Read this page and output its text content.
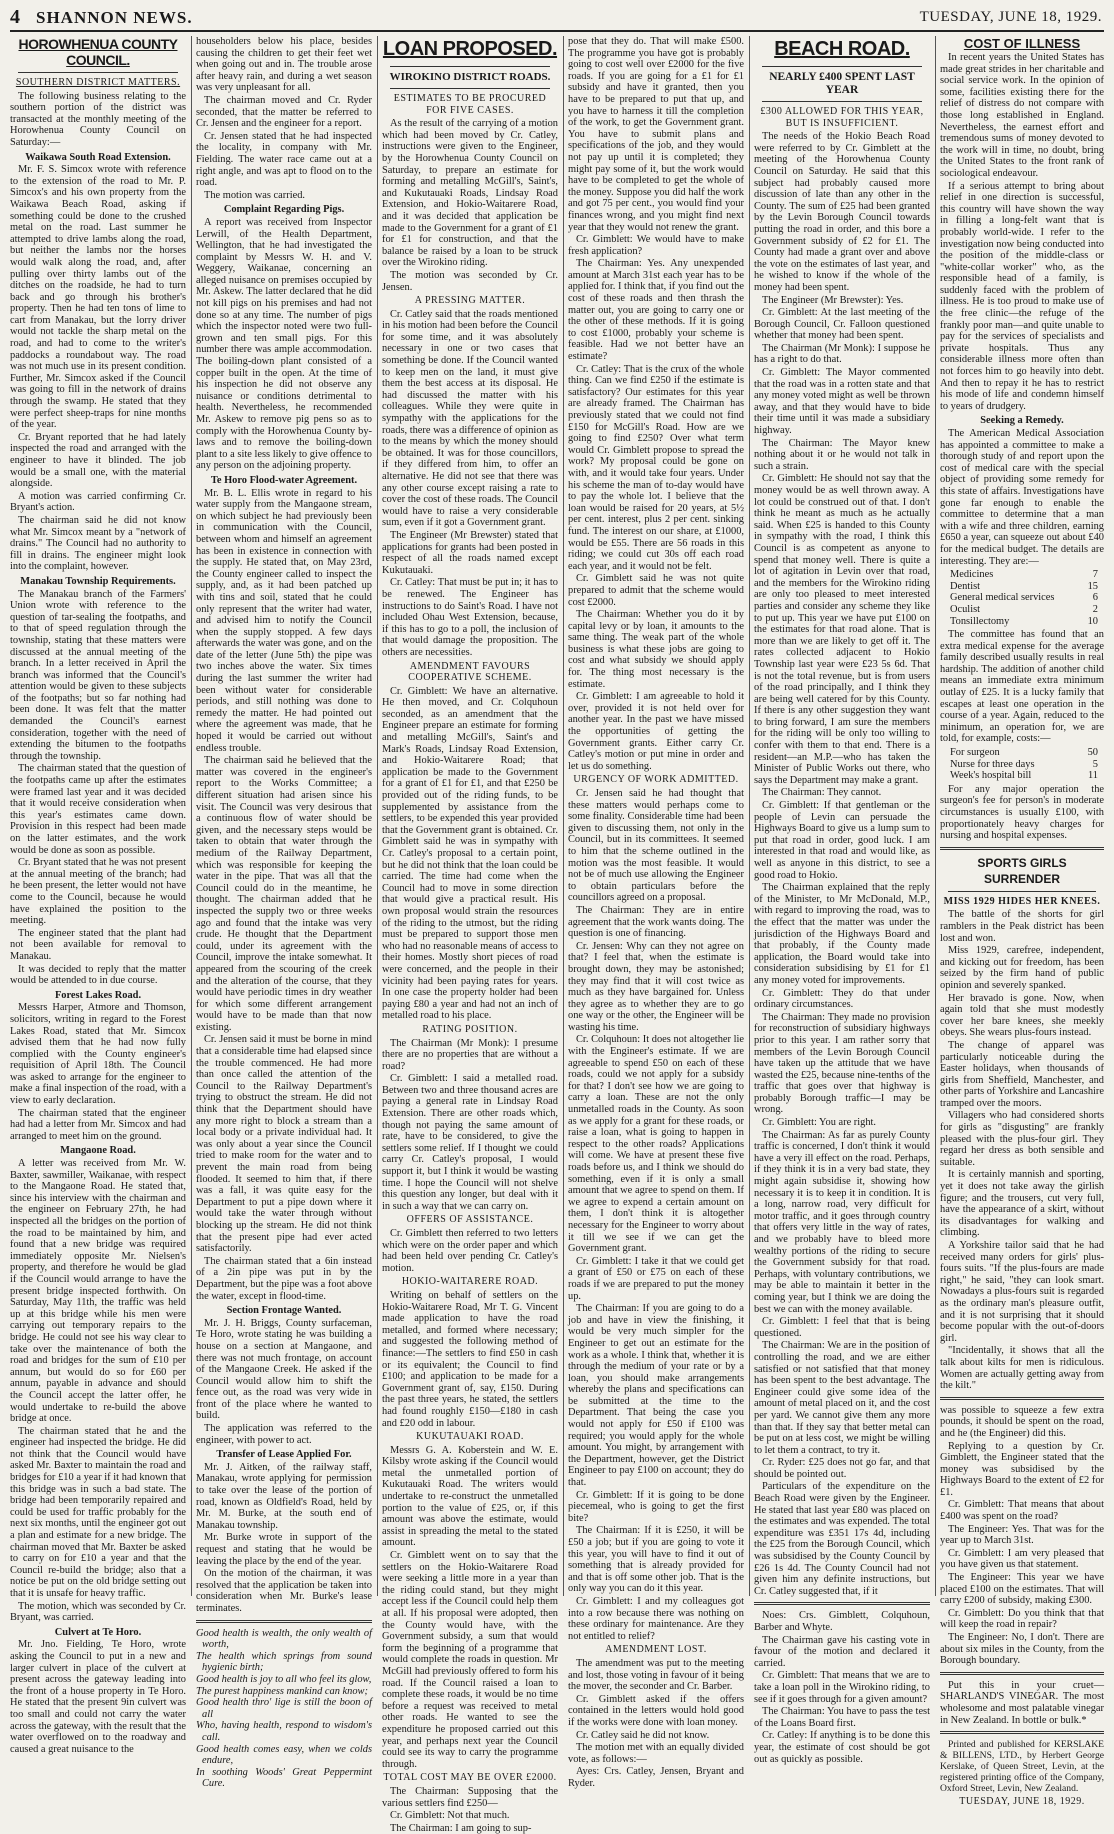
4 SHANNON NEWS.	TUESDAY, JUNE 18, 1929.
HOROWHENUA COUNTY COUNCIL.
SOUTHERN DISTRICT MATTERS.

The following business relating to the southern portion of the district was transacted at the monthly meeting of the Horowhenua County Council on Saturday:—

Waikawa South Road Extension.

Mr. F. S. Simcox wrote with reference to the extension of the road to Mr. P. Simcox's and his own property from the Waikawa Beach Road, asking if something could be done to the crushed metal on the road. Last summer he attempted to drive lambs along the road, but neither the lambs nor the horses would walk along the road, and, after pulling over thirty lambs out of the ditches on the roadside, he had to turn back and go through his brother's property. Then he had ten tons of lime to cart from Manakau, but the lorry driver would not tackle the sharp metal on the road, and had to come to the writer's paddocks a roundabout way. The road was not much use in its present condition. Further, Mr. Simcox asked if the Council was going to fill in the network of drains through the swamp. He stated that they were perfect sheep-traps for nine months of the year.

Cr. Bryant reported that he had lately inspected the road and arranged with the engineer to have it blinded. The job would be a small one, with the material alongside.

A motion was carried confirming Cr. Bryant's action.

The chairman said he did not know what Mr. Simcox meant by a "network of drains." The Council had no authority to fill in drains. The engineer might look into the complaint, however.

Manakau Township Requirements.

The Manakau branch of the Farmers' Union wrote with reference to the question of tar-sealing the footpaths, and to that of speed regulation through the township, stating that these matters were discussed at the annual meeting of the branch. In a letter received in April the branch was informed that the Council's attention would be given to these subjects of the footpaths; but so far nothing had been done. It was felt that the matter demanded the Council's earnest consideration, together with the need of extending the bitumen to the footpaths through the township.

The chairman stated that the question of the footpaths came up after the estimates were framed last year and it was decided that it would receive consideration when this year's estimates came down. Provision in this respect had been made on the latter estimates, and the work would be done as soon as possible.

Cr. Bryant stated that he was not present at the annual meeting of the branch; had he been present, the letter would not have come to the Council, because he would have explained the position to the meeting.

The engineer stated that the plant had not been available for removal to Manakau.

It was decided to reply that the matter would be attended to in due course.

Forest Lakes Road.

Messrs Harper, Atmore and Thomson, solicitors, writing in regard to the Forest Lakes Road, stated that Mr. Simcox advised them that he had now fully complied with the County engineer's requisition of April 18th. The Council was asked to arrange for the engineer to make a final inspection of the road, with a view to early declaration.

The chairman stated that the engineer had had a letter from Mr. Simcox and had arranged to meet him on the ground.

Mangaone Road.

A letter was received from Mr. W. Baxter, sawmiller, Waikanae, with respect to the Mangaone Road. He stated that, since his interview with the chairman and the engineer on February 27th, he had inspected all the bridges on the portion of the road to be maintained by him, and found that a new bridge was required immediately opposite Mr. Nielsen's property, and therefore he would be glad if the Council would arrange to have the present bridge inspected forthwith. On Saturday, May 11th, the traffic was held up at this bridge while his men were carrying out temporary repairs to the bridge. He could not see his way clear to take over the maintenance of both the road and bridges for the sum of £10 per annum, but would do so for £60 per annum, payable in advance and should the Council accept the latter offer, he would undertake to re-build the above bridge at once.

The chairman stated that he and the engineer had inspected the bridge. He did not think that the Council would have asked Mr. Baxter to maintain the road and bridges for £10 a year if it had known that this bridge was in such a bad state. The bridge had been temporarily repaired and could be used for traffic probably for the next six months, until the engineer got out a plan and estimate for a new bridge. The chairman moved that Mr. Baxter be asked to carry on for £10 a year and that the Council re-build the bridge; also that a notice be put on the old bridge setting out that it is unsafe for heavy traffic.

The motion, which was seconded by Cr. Bryant, was carried.

Culvert at Te Horo.

Mr. Jno. Fielding, Te Horo, wrote asking the Council to put in a new and larger culvert in place of the culvert at present across the gateway leading into the front of a house property in Te Horo. He stated that the present 9in culvert was too small and could not carry the water across the gateway, with the result that the water overflowed on to the roadway and caused a great nuisance to the

householders below his place, besides causing the children to get their feet wet when going out and in. The trouble arose after heavy rain, and during a wet season was very unpleasant for all.

The chairman moved and Cr. Ryder seconded, that the matter be referred to Cr. Jensen and the engineer for a report.

Cr. Jensen stated that he had inspected the locality, in company with Mr. Fielding. The water race came out at a right angle, and was apt to flood on to the road.

The motion was carried.

Complaint Regarding Pigs.

A report was received from Inspector Lerwill, of the Health Department, Wellington, that he had investigated the complaint by Messrs W. H. and V. Weggery, Waikanae, concerning an alleged nuisance on premises occupied by Mr. Askew. The latter declared that he did not kill pigs on his premises and had not done so at any time. The number of pigs which the inspector noted were two full-grown and ten small pigs. For this number there was ample accommodation. The boiling-down plant consisted of a copper built in the open. At the time of his inspection he did not observe any nuisance or conditions detrimental to health. Nevertheless, he recommended Mr. Askew to remove pig pens so as to comply with the Horowhenua County by-laws and to remove the boiling-down plant to a site less likely to give offence to any person on the adjoining property.

Te Horo Flood-water Agreement.

Mr. B. L. Ellis wrote in regard to his water supply from the Mangaone stream, on which subject he had previously been in communication with the Council, between whom and himself an agreement has been in existence in connection with the supply. He stated that, on May 23rd, the County engineer called to inspect the supply, and, as it had been patched up with tins and soil, stated that he could only represent that the writer had water, and advised him to notify the Council when the supply stopped. A few days afterwards the water was gone, and on the date of the letter (June 5th) the pipe was two inches above the water. Six times during the last summer the writer had been without water for considerable periods, and still nothing was done to remedy the matter. He had pointed out where the agreement was made, that he hoped it would be carried out without endless trouble.

The chairman said he believed that the matter was covered in the engineer's report to the Works Committee; a different situation had arisen since his visit. The Council was very desirous that a continuous flow of water should be given, and the necessary steps would be taken to obtain that water through the medium of the Railway Department, which was responsible for keeping the water in the pipe. That was all that the Council could do in the meantime, he thought. The chairman added that he inspected the supply two or three weeks ago and found that the intake was very crude. He thought that the Department could, under its agreement with the Council, improve the intake somewhat. It appeared from the scouring of the creek and the alteration of the course, that they would have periodic times in dry weather for which some different arrangement would have to be made than that now existing.

Cr. Jensen said it must be borne in mind that a considerable time had elapsed since the trouble commenced. He had more than once called the attention of the Council to the Railway Department's trying to obstruct the stream. He did not think that the Department should have any more right to block a stream than a local body or a private individual had. It was only about a year since the Council tried to make room for the water and to prevent the main road from being flooded. It seemed to him that, if there was a fall, it was quite easy for the Department to put a pipe down where it would take the water through without blocking up the stream. He did not think that the present pipe had ever acted satisfactorily.

The chairman stated that a 6in instead of a 2in pipe was put in by the Department, but the pipe was a foot above the water, except in flood-time.

Section Frontage Wanted.

Mr. J. H. Briggs, County surfaceman, Te Horo, wrote stating he was building a house on a section at Mangaone, and there was not much frontage, on account of the Mangaone Creek. He asked if the Council would allow him to shift the fence out, as the road was very wide in front of the place where he wanted to build.

The application was referred to the engineer, with power to act.

Transfer of Lease Applied For.

Mr. J. Aitken, of the railway staff, Manakau, wrote applying for permission to take over the lease of the portion of road, known as Oldfield's Road, held by Mr. M. Burke, at the south end of Manakau township.

Mr. Burke wrote in support of the request and stating that he would be leaving the place by the end of the year.

On the motion of the chairman, it was resolved that the application be taken into consideration when Mr. Burke's lease terminates.

Good health is wealth, the only wealth of worth,
The health which springs from sound hygienic birth;
Good health is joy to all who feel its glow,
The purest happiness mankind can know;
Good health thro' lige is still the boon of all
Who, having health, respond to wisdom's call.
Good health comes easy, when we colds endure,
In soothing Woods' Great Peppermint Cure.
LOAN PROPOSED.
WIROKINO DISTRICT ROADS.
ESTIMATES TO BE PROCURED FOR FIVE CASES.

As the result of the carrying of a motion which had been moved by Cr. Catley, instructions were given to the Engineer, by the Horowhenua County Council on Saturday, to prepare an estimate for forming and metalling McGill's, Saint's, and Kukutauaki Roads, Lindsay Road Extension, and Hokio-Waitarere Road, and it was decided that application be made to the Government for a grant of £1 for £1 for construction, and that the balance be raised by a loan to be struck over the Wirokino riding.

The motion was seconded by Cr. Jensen.

A PRESSING MATTER.

Cr. Catley said that the roads mentioned in his motion had been before the Council for some time, and it was absolutely necessary in one or two cases that something be done. If the Council wanted to keep men on the land, it must give them the best access at its disposal. He had discussed the matter with his colleagues. While they were quite in sympathy with the applications for the roads, there was a difference of opinion as to the means by which the money should be obtained. It was for those councillors, if they differed from him, to offer an alternative. He did not see that there was any other course except raising a rate to cover the cost of these roads. The Council would have to raise a very considerable sum, even if it got a Government grant.

The Engineer (Mr Brewster) stated that applications for grants had been posted in respect of all the roads named except Kukutauaki.

Cr. Catley: That must be put in; it has to be renewed. The Engineer has instructions to do Saint's Road. I have not included Ohau West Extension, because, if this has to go to a poll, the inclusion of that would damage the proposition. The others are necessities.

AMENDMENT FAVOURS COOPERATIVE SCHEME.

Cr. Gimblett: We have an alternative. He then moved, and Cr. Colquhoun seconded, as an amendment that the Engineer prepare an estimate for forming and metalling McGill's, Saint's and Mark's Roads, Lindsay Road Extension, and Hokio-Waitarere Road; that application be made to the Government for a grant of £1 for £1, and that £250 be provided out of the riding funds, to be supplemented by assistance from the settlers, to be expended this year provided that the Government grant is obtained. Cr. Gimblett said he was in sympathy with Cr. Catley's proposal to a certain point, but he did not think that the loan could be carried. The time had come when the Council had to move in some direction that would give a practical result. His own proposal would strain the resources of the riding to the utmost, but the riding must be prepared to support those men who had no reasonable means of access to their homes. Mostly short pieces of road were concerned, and the people in their vicinity had been paying rates for years. In one case the property holder had been paying £80 a year and had not an inch of metalled road to his place.

RATING POSITION.

The Chairman (Mr Monk): I presume there are no properties that are without a road?

Cr. Gimblett: I said a metalled road. Between two and three thousand acres are paying a general rate in Lindsay Road Extension. There are other roads which, though not paying the same amount of rate, have to be considered, to give the settlers some relief. If I thought we could carry Cr. Catley's proposal, I would support it, but I think it would be wasting time. I hope the Council will not shelve this question any longer, but deal with it in such a way that we can carry on.

OFFERS OF ASSISTANCE.

Cr. Gimblett then referred to two letters which were on the order paper and which had been held over pending Cr. Catley's motion.

HOKIO-WAITARERE ROAD.

Writing on behalf of settlers on the Hokio-Waitarere Road, Mr T. G. Vincent made application to have the road metalled, and formed where necessary; and suggested the following method of finance:—The settlers to find £50 in cash or its equivalent; the Council to find £100; and application to be made for a Government grant of, say, £150. During the past three years, he stated, the settlers had found roughly £150—£180 in cash and £20 odd in labour.

KUKUTAUAKI ROAD.

Messrs G. A. Koberstein and W. E. Kilsby wrote asking if the Council would metal the unmetalled portion of Kukutauaki Road. The writers would undertake to re-construct the unmetalled portion to the value of £25, or, if this amount was above the estimate, would assist in spreading the metal to the stated amount.

Cr. Gimblett went on to say that the settlers on the Hokio-Waitarere Road were seeking a little more in a year than the riding could stand, but they might accept less if the Council could help them at all. If his proposal were adopted, then the County would have, with the Government subsidy, a sum that would form the beginning of a programme that would complete the roads in question. Mr McGill had previously offered to form his road. If the Council raised a loan to complete these roads, it would be no time before a request was received to metal other roads. He wanted to see the expenditure he proposed carried out this year, and perhaps next year the Council could see its way to carry the programme through.

TOTAL COST MAY BE OVER £2000.

The Chairman: Supposing that the various settlers find £250—

Cr. Gimblett: Not that much.

The Chairman: I am going to sup-

pose that they do. That will make £500. The programme you have got is probably going to cost well over £2000 for the five roads. If you are going for a £1 for £1 subsidy and have it granted, then you have to be prepared to put that up, and you have to harness it till the completion of the work, to get the Government grant. You have to submit plans and specifications of the job, and they would not pay up until it is completed; they might pay some of it, but the work would have to be completed to get the whole of the money. Suppose you did half the work and got 75 per cent., you would find your finances wrong, and you might find next year that they would not renew the grant.

Cr. Gimblett: We would have to make fresh application?

The Chairman: Yes. Any unexpended amount at March 31st each year has to be applied for. I think that, if you find out the cost of these roads and then thrash the matter out, you are going to carry one or the other of these methods. If it is going to cost £1000, probably your scheme is feasible. Had we not better have an estimate?

Cr. Catley: That is the crux of the whole thing. Can we find £250 if the estimate is satisfactory? Our estimates for this year are already framed. The Chairman has previously stated that we could not find £150 for McGill's Road. How are we going to find £250? Over what term would Cr. Gimblett propose to spread the work? My proposal could be gone on with, and it would take four years. Under his scheme the man of to-day would have to pay the whole lot. I believe that the loan would be raised for 20 years, at 5½ per cent. interest, plus 2 per cent. sinking fund. The interest on our share, at £1000, would be £55. There are 56 roads in this riding; we could cut 30s off each road each year, and it would not be felt.

Cr. Gimblett said he was not quite prepared to admit that the scheme would cost £2000.

The Chairman: Whether you do it by capital levy or by loan, it amounts to the same thing. The weak part of the whole business is what these jobs are going to cost and what subsidy we should apply for. The thing most necessary is the estimate.

Cr. Gimblett: I am agreeable to hold it over, provided it is not held over for another year. In the past we have missed the opportunities of getting the Government grants. Either carry Cr. Catley's motion or put mine in order and let us do something.

URGENCY OF WORK ADMITTED.

Cr. Jensen said he had thought that these matters would perhaps come to some finality. Considerable time had been given to discussing them, not only in the Council, but in its committees. It seemed to him that the scheme outlined in the motion was the most feasible. It would not be of much use allowing the Engineer to obtain particulars before the councillors agreed on a proposal.

The Chairman: They are in entire agreement that the work wants doing. The question is one of financing.

Cr. Jensen: Why can they not agree on that? I feel that, when the estimate is brought down, they may be astonished; they may find that it will cost twice as much as they have bargained for. Unless they agree as to whether they are to go one way or the other, the Engineer will be wasting his time.

Cr. Colquhoun: It does not altogether lie with the Engineer's estimate. If we are agreeable to spend £50 on each of these roads, could we not apply for a subsidy for that? I don't see how we are going to carry a loan. These are not the only unmetalled roads in the County. As soon as we apply for a grant for these roads, or raise a loan, what is going to happen in respect to the other roads? Applications will come. We have at present these five roads before us, and I think we should do something, even if it is only a small amount that we agree to spend on them. If we agree to expend a certain amount on them, I don't think it is altogether necessary for the Engineer to worry about it till we see if we can get the Government grant.

Cr. Gimblett: I take it that we could get a grant of £50 or £75 on each of these roads if we are prepared to put the money up.

The Chairman: If you are going to do a job and have in view the finishing, it would be very much simpler for the Engineer to get out an estimate for the work as a whole. I think that, whether it is through the medium of your rate or by a loan, you should make arrangements whereby the plans and specifications can be submitted at the time to the Department. That being the case you would not apply for £50 if £100 was required; you would apply for the whole amount. You might, by arrangement with the Department, however, get the District Engineer to pay £100 on account; they do that.

Cr. Gimblett: If it is going to be done piecemeal, who is going to get the first bite?

The Chairman: If it is £250, it will be £50 a job; but if you are going to vote it this year, you will have to find it out of something that is already provided for and that is off some other job. That is the only way you can do it this year.

Cr. Gimblett: I and my colleagues got into a row because there was nothing on these ordinary for maintenance. Are they not entitled to relief?

AMENDMENT LOST.

The amendment was put to the meeting and lost, those voting in favour of it being the mover, the seconder and Cr. Barber.

Cr. Gimblett asked if the offers contained in the letters would hold good if the works were done with loan money.

Cr. Catley said he did not know.

The motion met with an equally divided vote, as follows:—

Ayes: Crs. Catley, Jensen, Bryant and Ryder.

BEACH ROAD.
NEARLY £400 SPENT LAST YEAR
£300 ALLOWED FOR THIS YEAR, BUT IS INSUFFICIENT.

The needs of the Hokio Beach Road were referred to by Cr. Gimblett at the meeting of the Horowhenua County Council on Saturday. He said that this subject had probably caused more discussion of late than any other in the County. The sum of £25 had been granted by the Levin Borough Council towards putting the road in order, and this bore a Government subsidy of £2 for £1. The County had made a grant over and above the vote on the estimates of last year, and he wished to know if the whole of the money had been spent.

The Engineer (Mr Brewster): Yes.

Cr. Gimblett: At the last meeting of the Borough Council, Cr. Falloon questioned whether that money had been spent.

The Chairman (Mr Monk): I suppose he has a right to do that.

Cr. Gimblett: The Mayor commented that the road was in a rotten state and that any money voted might as well be thrown away, and that they would have to bide their time until it was made a subsidiary highway.

The Chairman: The Mayor knew nothing about it or he would not talk in such a strain.

Cr. Gimblett: He should not say that the money would be as well thrown away. A lot could be construed out of that. I don't think he meant as much as he actually said. When £25 is handed to this County in sympathy with the road, I think this Council is as competent as anyone to spend that money well. There is quite a lot of agitation in Levin over that road, and the members for the Wirokino riding are only too pleased to meet interested parties and consider any scheme they like to put up. This year we have put £100 on the estimates for that road alone. That is more than we are likely to get off it. The rates collected adjacent to Hokio Township last year were £23 5s 6d. That is not the total revenue, but is from users of the road principally, and I think they are being well catered for by this County. If there is any other suggestion they want to bring forward, I am sure the members for the riding will be only too willing to confer with them to that end. There is a resident—an M.P.—who has taken the Minister of Public Works out there, who says the Department may make a grant.

The Chairman: They cannot.

Cr. Gimblett: If that gentleman or the people of Levin can persuade the Highways Board to give us a lump sum to put that road in order, good luck. I am interested in that road and would like, as well as anyone in this district, to see a good road to Hokio.

The Chairman explained that the reply of the Minister, to Mr McDonald, M.P., with regard to improving the road, was to the effect that the matter was under the jurisdiction of the Highways Board and that probably, if the County made application, the Board would take into consideration subsidising by £1 for £1 any money voted for improvements.

Cr. Gimblett: They do that under ordinary circumstances.

The Chairman: They made no provision for reconstruction of subsidiary highways prior to this year. I am rather sorry that members of the Levin Borough Council have taken up the attitude that we have wasted the £25, because nine-tenths of the traffic that goes over that highway is probably Borough traffic—I may be wrong.

Cr. Gimblett: You are right.

The Chairman: As far as purely County traffic is concerned, I don't think it would have a very ill effect on the road. Perhaps, if they think it is in a very bad state, they might again subsidise it, showing how necessary it is to keep it in condition. It is a long, narrow road, very difficult for motor traffic, and it goes through country that offers very little in the way of rates, and we probably have to bleed more wealthy portions of the riding to secure the Government subsidy for that road. Perhaps, with voluntary contributions, we may be able to maintain it better in the coming year, but I think we are doing the best we can with the money available.

Cr. Gimblett: I feel that that is being questioned.

The Chairman: We are in the position of controlling the road, and we are either satisfied or not satisfied that that money has been spent to the best advantage. The Engineer could give some idea of the amount of metal placed on it, and the cost per yard. We cannot give them any more than that. If they say that better metal can be put on at less cost, we might be willing to let them a contract, to try it.

Cr. Ryder: £25 does not go far, and that should be pointed out.

Particulars of the expenditure on the Beach Road were given by the Engineer. He stated that last year £80 was placed on the estimates and was expended. The total expenditure was £351 17s 4d, including the £25 from the Borough Council, which was subsidised by the County Council by £26 1s 4d. The County Council had not given him any definite instructions, but Cr. Catley suggested that, if it

Noes: Crs. Gimblett, Colquhoun, Barber and Whyte.

The Chairman gave his casting vote in favour of the motion and declared it carried.

Cr. Gimblett: That means that we are to take a loan poll in the Wirokino riding, to see if it goes through for a given amount?

The Chairman: You have to pass the test of the Loans Board first.

Cr. Catley: If anything is to be done this year, the estimate of cost should be got out as quickly as possible.

COST OF ILLNESS

In recent years the United States has made great strides in her charitable and social service work. In the opinion of some, facilities existing there for the relief of distress do not compare with those long established in England. Nevertheless, the earnest effort and tremendous sums of money devoted to the work will in time, no doubt, bring the United States to the front rank of sociological endeavour.

If a serious attempt to bring about relief in one direction is successful, this country will have shown the way in filling a long-felt want that is probably world-wide. I refer to the investigation now being conducted into the position of the middle-class or "white-collar worker" who, as the responsible head of a family, is suddenly faced with the problem of illness. He is too proud to make use of the free clinic—the refuge of the frankly poor man—and quite unable to pay for the services of specialists and private hospitals. Thus any considerable illness more often than not forces him to go heavily into debt. And then to repay it he has to restrict his mode of life and condemn himself to years of drudgery.

Seeking a Remedy.

The American Medical Association has appointed a committee to make a thorough study of and report upon the cost of medical care with the special object of providing some remedy for this state of affairs. Investigations have gone far enough to enable the committee to determine that a man with a wife and three children, earning £650 a year, can squeeze out about £40 for the medical budget. The details are interesting. They are:—

Medicines	7
Dentist	15
General medical services	6
Oculist	2
Tonsillectomy	10

The committee has found that an extra medical expense for the average family described usually results in real hardship. The addition of another child means an immediate extra minimum outlay of £25. It is a lucky family that escapes at least one operation in the course of a year. Again, reduced to the minimum, an operation for, we are told, for example, costs:—

For surgeon	50
Nurse for three days	5
Week's hospital bill	11

For any major operation the surgeon's fee for person's in moderate circumstances is usually £100, with proportionately heavy charges for nursing and hospital expenses.

SPORTS GIRLS SURRENDER
MISS 1929 HIDES HER KNEES.

The battle of the shorts for girl ramblers in the Peak district has been lost and won.

Miss 1929, carefree, independent, and kicking out for freedom, has been seized by the firm hand of public opinion and severely spanked.

Her bravado is gone. Now, when again told that she must modestly cover her bare knees, she meekly obeys. She wears plus-fours instead.

The change of apparel was particularly noticeable during the Easter holidays, when thousands of girls from Sheffield, Manchester, and other parts of Yorkshire and Lancashire tramped over the moors.

Villagers who had considered shorts for girls as "disgusting" are frankly pleased with the plus-four girl. They regard her dress as both sensible and suitable.

It is certainly mannish and sporting, yet it does not take away the girlish figure; and the trousers, cut very full, have the appearance of a skirt, without its disadvantages for walking and climbing.

A Yorkshire tailor said that he had received many orders for girls' plus-fours suits. "If the plus-fours are made right," he said, "they can look smart. Nowadays a plus-fours suit is regarded as the ordinary man's pleasure outfit, and it is not surprising that it should become popular with the out-of-doors girl.

"Incidentally, it shows that all the talk about kilts for men is ridiculous. Women are actually getting away from the kilt."

was possible to squeeze a few extra pounds, it should be spent on the road, and he (the Engineer) did this.

Replying to a question by Cr. Gimblett, the Engineer stated that the money was subsidised by the Highways Board to the extent of £2 for £1.

Cr. Gimblett: That means that about £400 was spent on the road?

The Engineer: Yes. That was for the year up to March 31st.

Cr. Gimblett: I am very pleased that you have given us that statement.

The Engineer: This year we have placed £100 on the estimates. That will carry £200 of subsidy, making £300.

Cr. Gimblett: Do you think that that will keep the road in repair?

The Engineer: No, I don't. There are about six miles in the County, from the Borough boundary.

Put this in your cruet—SHARLAND'S VINEGAR. The most wholesome and most palatable vinegar in New Zealand. In bottle or bulk.*

Printed and published for KERSLAKE & BILLENS, LTD., by Herbert George Kerslake, of Queen Street, Levin, at the registered printing office of the Company, Oxford Street, Levin, New Zealand.

TUESDAY, JUNE 18, 1929.
